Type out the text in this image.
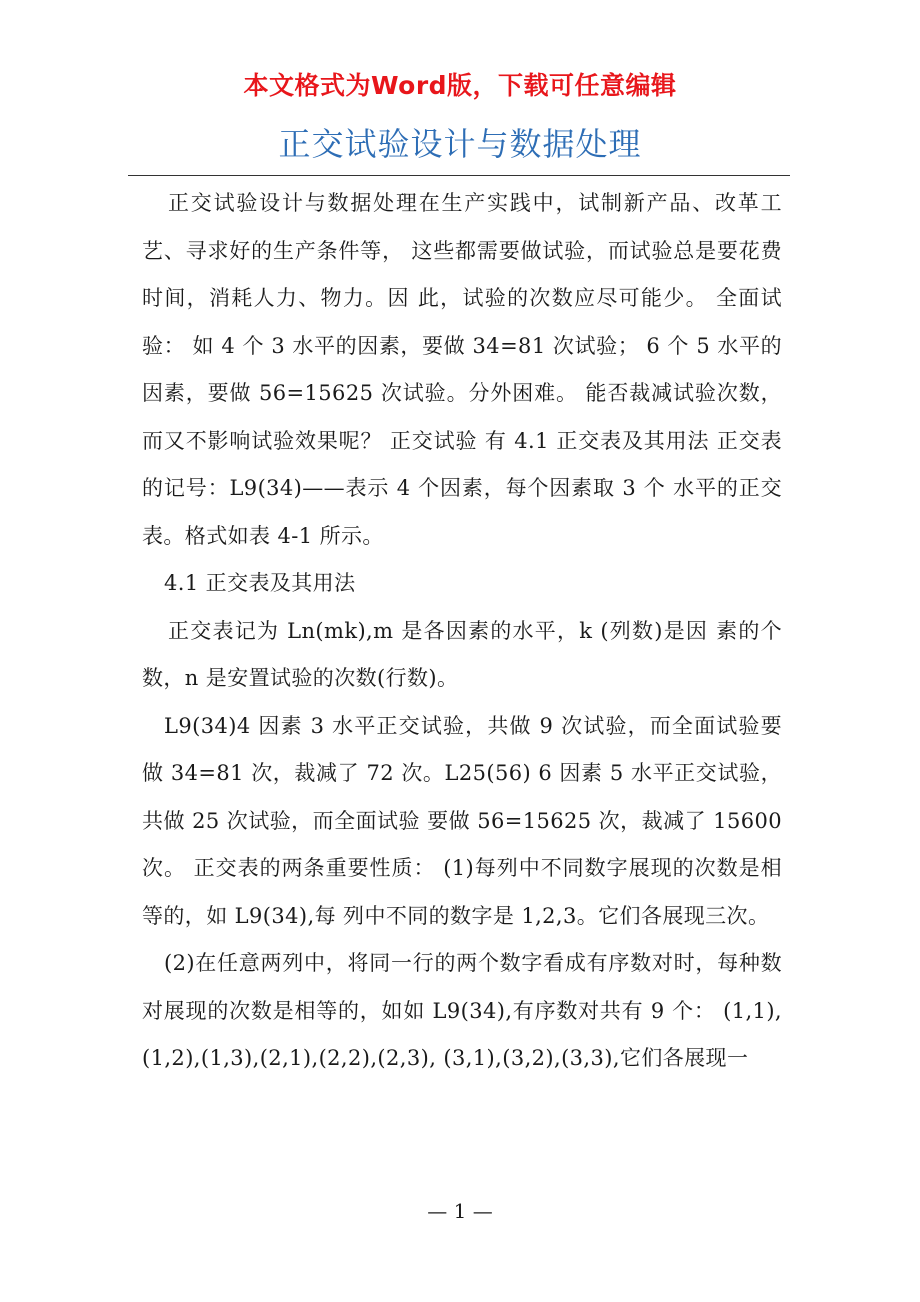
本文格式为Word版，下载可任意编辑
正交试验设计与数据处理

正交试验设计与数据处理在生产实践中，试制新产品、改革工艺、寻求好的生产条件等， 这些都需要做试验，而试验总是要花费时间，消耗人力、物力。因 此，试验的次数应尽可能少。 全面试验： 如 4 个 3 水平的因素，要做 34=81 次试验； 6 个 5 水平的因素，要做 56=15625 次试验。分外困难。 能否裁减试验次数，而又不影响试验效果呢？ 正交试验 有 4.1 正交表及其用法 正交表的记号：L9(34)——表示 4 个因素，每个因素取 3 个 水平的正交表。格式如表 4-1 所示。

4.1 正交表及其用法

正交表记为 Ln(mk),m 是各因素的水平，k (列数)是因 素的个数，n 是安置试验的次数(行数)。

L9(34)4 因素 3 水平正交试验，共做 9 次试验，而全面试验要 做 34=81 次，裁减了 72 次。L25(56) 6 因素 5 水平正交试验，共做 25 次试验，而全面试验 要做 56=15625 次，裁减了 15600 次。 正交表的两条重要性质： (1)每列中不同数字展现的次数是相等的，如 L9(34),每 列中不同的数字是 1,2,3。它们各展现三次。

(2)在任意两列中，将同一行的两个数字看成有序数对时，每种数对展现的次数是相等的，如如 L9(34),有序数对共有 9 个： (1,1),(1,2),(1,3),(2,1),(2,2),(2,3), (3,1),(3,2),(3,3),它们各展现一

— 1 —
